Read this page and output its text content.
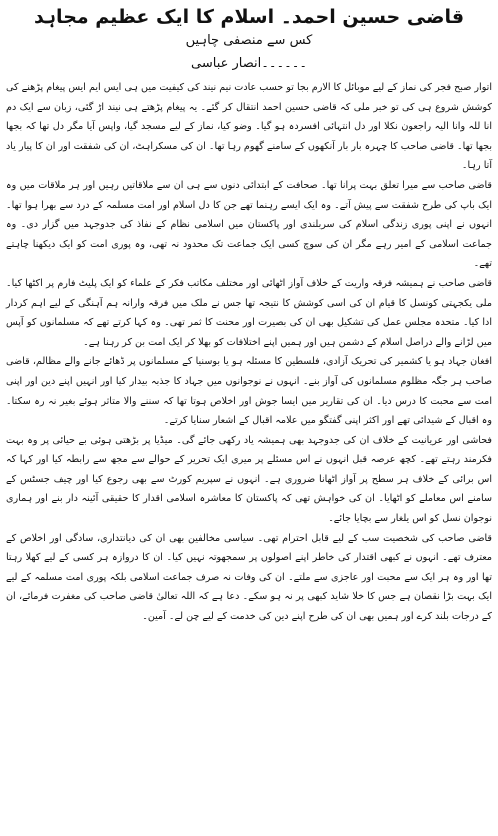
قاضی حسین احمد۔ اسلام کا ایک عظیم مجاہد
کس سے منصفی چاہیں
۔۔۔۔۔۔انصار عباسی

اتوار صبح فجر کی نماز کے لیے موبائل کا الارم بجا تو حسب عادت نیم نیند کی کیفیت میں ہی ایس ایم ایس پیغام پڑھنے کی کوشش شروع ہی کی تو خبر ملی کہ قاضی حسین احمد انتقال کر گئے۔ یہ پیغام پڑھتے ہی نیند اڑ گئی، زبان سے ایک دم انا للہ وانا الیہ راجعون نکلا اور دل انتہائی افسردہ ہو گیا۔ وضو کیا، نماز کے لیے مسجد گیا، واپس آیا مگر دل تھا کہ بجھا بجھا تھا۔ قاضی صاحب کا چہرہ بار بار آنکھوں کے سامنے گھوم رہا تھا۔ ان کی مسکراہٹ، ان کی شفقت اور ان کا پیار یاد آتا رہا۔

قاضی صاحب سے میرا تعلق بہت پرانا تھا۔ صحافت کے ابتدائی دنوں سے ہی ان سے ملاقاتیں رہیں اور ہر ملاقات میں وہ ایک باپ کی طرح شفقت سے پیش آتے۔ وہ ایک ایسے رہنما تھے جن کا دل اسلام اور امت مسلمہ کے درد سے بھرا ہوا تھا۔ انہوں نے اپنی پوری زندگی اسلام کی سربلندی اور پاکستان میں اسلامی نظام کے نفاذ کی جدوجہد میں گزار دی۔ وہ جماعت اسلامی کے امیر رہے مگر ان کی سوچ کسی ایک جماعت تک محدود نہ تھی، وہ پوری امت کو ایک دیکھنا چاہتے تھے۔

قاضی صاحب نے ہمیشہ فرقہ واریت کے خلاف آواز اٹھائی اور مختلف مکاتب فکر کے علماء کو ایک پلیٹ فارم پر اکٹھا کیا۔ ملی یکجہتی کونسل کا قیام ان کی اسی کوشش کا نتیجہ تھا جس نے ملک میں فرقہ وارانہ ہم آہنگی کے لیے اہم کردار ادا کیا۔ متحدہ مجلس عمل کی تشکیل بھی ان کی بصیرت اور محنت کا ثمر تھی۔ وہ کہا کرتے تھے کہ مسلمانوں کو آپس میں لڑانے والے دراصل اسلام کے دشمن ہیں اور ہمیں اپنے اختلافات کو بھلا کر ایک امت بن کر رہنا ہے۔

افغان جہاد ہو یا کشمیر کی تحریک آزادی، فلسطین کا مسئلہ ہو یا بوسنیا کے مسلمانوں پر ڈھائے جانے والے مظالم، قاضی صاحب ہر جگہ مظلوم مسلمانوں کی آواز بنے۔ انہوں نے نوجوانوں میں جہاد کا جذبہ بیدار کیا اور انہیں اپنے دین اور اپنی امت سے محبت کا درس دیا۔ ان کی تقاریر میں ایسا جوش اور اخلاص ہوتا تھا کہ سننے والا متاثر ہوئے بغیر نہ رہ سکتا۔ وہ اقبال کے شیدائی تھے اور اکثر اپنی گفتگو میں علامہ اقبال کے اشعار سنایا کرتے۔

فحاشی اور عریانیت کے خلاف ان کی جدوجہد بھی ہمیشہ یاد رکھی جائے گی۔ میڈیا پر بڑھتی ہوئی بے حیائی پر وہ بہت فکرمند رہتے تھے۔ کچھ عرصہ قبل انہوں نے اس مسئلے پر میری ایک تحریر کے حوالے سے مجھ سے رابطہ کیا اور کہا کہ اس برائی کے خلاف ہر سطح پر آواز اٹھانا ضروری ہے۔ انہوں نے سپریم کورٹ سے بھی رجوع کیا اور چیف جسٹس کے سامنے اس معاملے کو اٹھایا۔ ان کی خواہش تھی کہ پاکستان کا معاشرہ اسلامی اقدار کا حقیقی آئینہ دار بنے اور ہماری نوجوان نسل کو اس یلغار سے بچایا جائے۔

قاضی صاحب کی شخصیت سب کے لیے قابل احترام تھی۔ سیاسی مخالفین بھی ان کی دیانتداری، سادگی اور اخلاص کے معترف تھے۔ انہوں نے کبھی اقتدار کی خاطر اپنے اصولوں پر سمجھوتہ نہیں کیا۔ ان کا دروازہ ہر کسی کے لیے کھلا رہتا تھا اور وہ ہر ایک سے محبت اور عاجزی سے ملتے۔ ان کی وفات نہ صرف جماعت اسلامی بلکہ پوری امت مسلمہ کے لیے ایک بہت بڑا نقصان ہے جس کا خلا شاید کبھی پر نہ ہو سکے۔ دعا ہے کہ اللہ تعالیٰ قاضی صاحب کی مغفرت فرمائے، ان کے درجات بلند کرے اور ہمیں بھی ان کی طرح اپنے دین کی خدمت کے لیے چن لے۔ آمین۔
